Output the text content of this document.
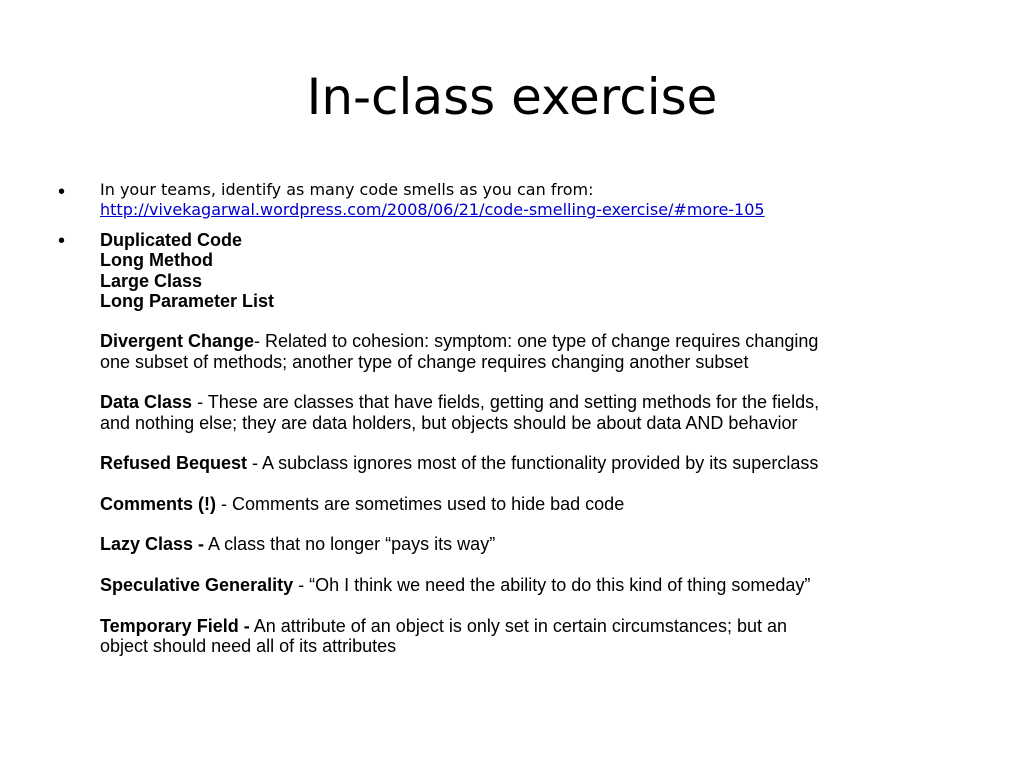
In-class exercise
•	In your teams, identify as many code smells as you can from:
http://vivekagarwal.wordpress.com/2008/06/21/code-smelling-exercise/#more-105
•	Duplicated Code
Long Method
Large Class
Long Parameter List
Divergent Change- Related to cohesion: symptom: one type of change requires changing
one subset of methods; another type of change requires changing another subset
Data Class - These are classes that have fields, getting and setting methods for the fields,
and nothing else; they are data holders, but objects should be about data AND behavior
Refused Bequest - A subclass ignores most of the functionality provided by its superclass
Comments (!) - Comments are sometimes used to hide bad code
Lazy Class - A class that no longer “pays its way”
Speculative Generality - “Oh I think we need the ability to do this kind of thing someday”
Temporary Field - An attribute of an object is only set in certain circumstances; but an
object should need all of its attributes
